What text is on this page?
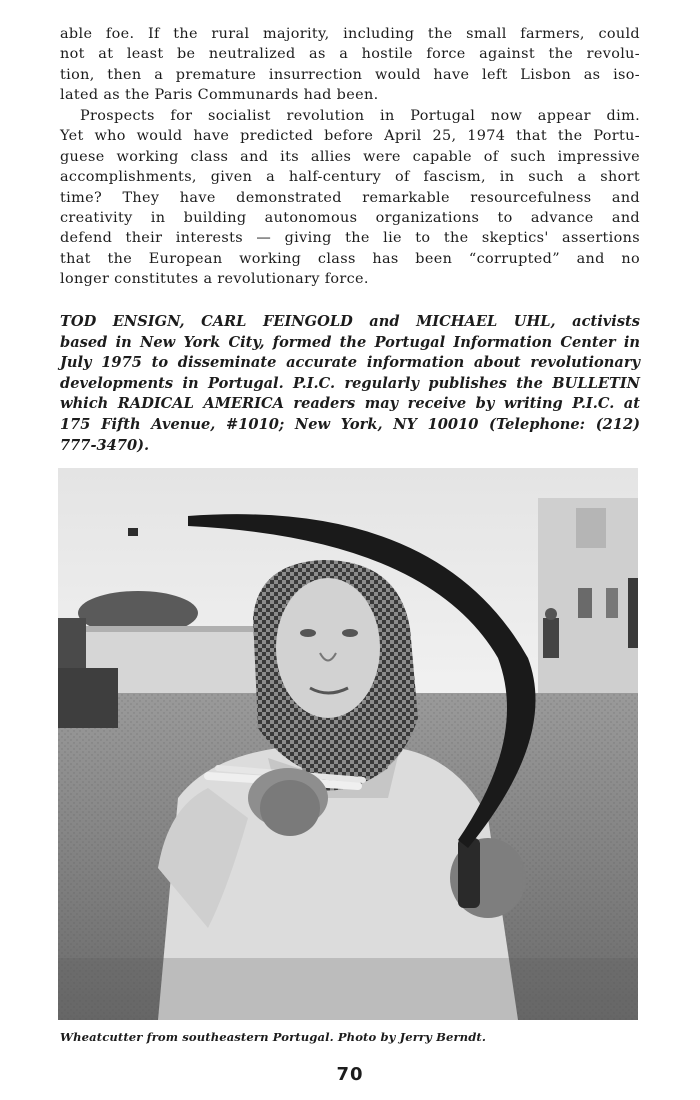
able foe. If the rural majority, including the small farmers, could
not at least be neutralized as a hostile force against the revolu-
tion, then a premature insurrection would have left Lisbon as iso-
lated as the Paris Communards had been.
Prospects for socialist revolution in Portugal now appear dim.
Yet who would have predicted before April 25, 1974 that the Portu-
guese working class and its allies were capable of such impressive
accomplishments, given a half-century of fascism, in such a short
time? They have demonstrated remarkable resourcefulness and
creativity in building autonomous organizations to advance and
defend their interests — giving the lie to the skeptics' assertions
that the European working class has been “corrupted” and no
longer constitutes a revolutionary force.
TOD ENSIGN, CARL FEINGOLD and MICHAEL UHL, activists
based in New York City, formed the Portugal Information Center in
July 1975 to disseminate accurate information about revolutionary
developments in Portugal. P.I.C. regularly publishes the BULLETIN
which RADICAL AMERICA readers may receive by writing P.I.C. at
175 Fifth Avenue, #1010; New York, NY 10010 (Telephone: (212)
777-3470).

Wheatcutter from southeastern Portugal. Photo by Jerry Berndt.

70
